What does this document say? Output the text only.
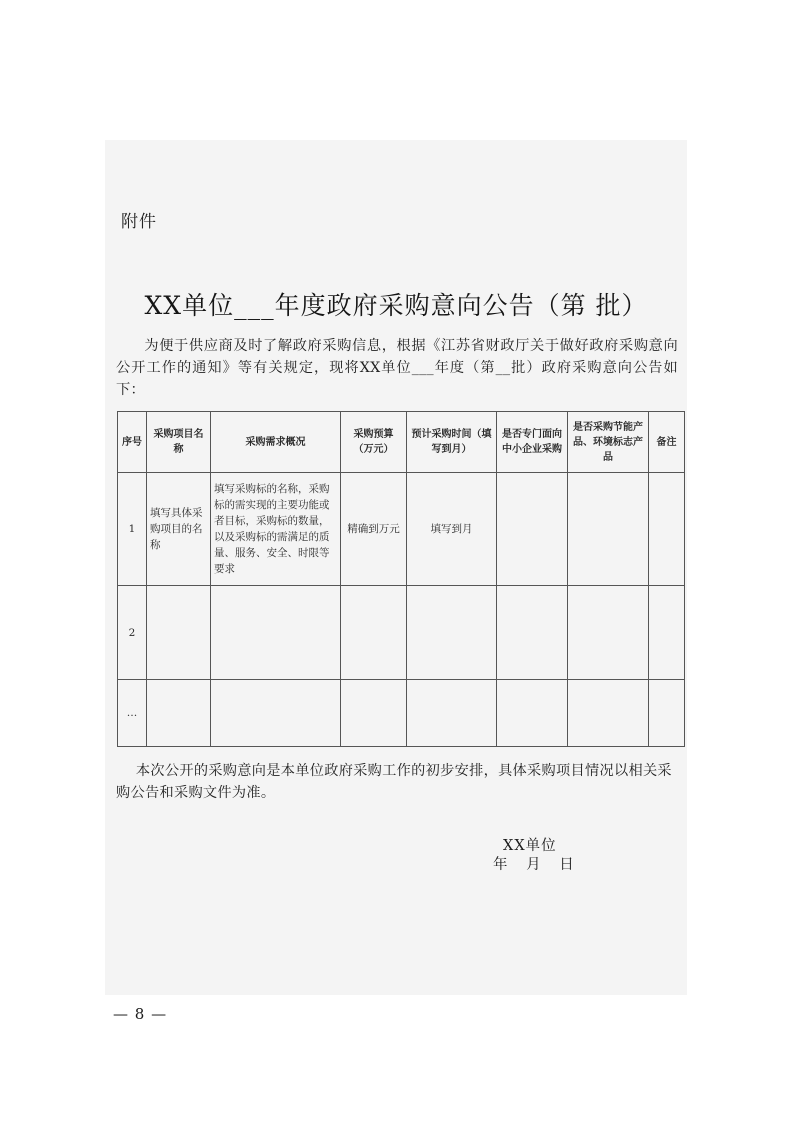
附件
XX单位___年度政府采购意向公告（第 批）
为便于供应商及时了解政府采购信息，根据《江苏省财政厅关于做好政府采购意向公开工作的通知》等有关规定，现将XX单位___年度（第__批）政府采购意向公告如下：
序号	采购项目名称	采购需求概况	采购预算（万元）	预计采购时间（填写到月）	是否专门面向中小企业采购	是否采购节能产品、环境标志产品	备注
1	填写具体采购项目的名称	填写采购标的名称，采购标的需实现的主要功能或者目标，采购标的数量，以及采购标的需满足的质量、服务、安全、时限等要求	精确到万元	填写到月			
2							
…							
本次公开的采购意向是本单位政府采购工作的初步安排，具体采购项目情况以相关采购公告和采购文件为准。
XX单位
年 月 日
— 8 —
